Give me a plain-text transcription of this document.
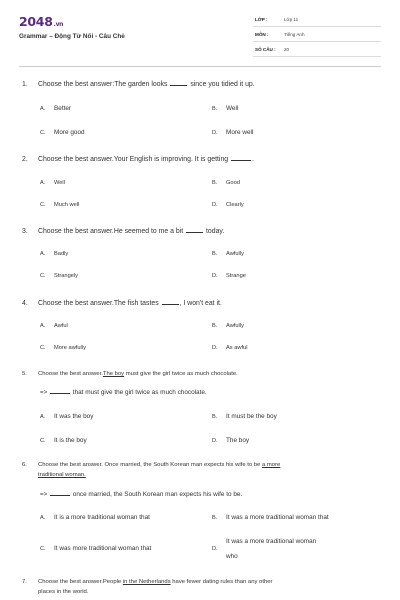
2048.vn
Grammar – Động Từ Nối - Câu Chẻ
LỚP :	Lớp 11
MÔN :	Tiếng Anh
SỐ CÂU : 20
1. Choose the best answer:The garden looks	since you tidied it up.
A. Better	B. Well
C. More good	D. More well
2. Choose the best answer.Your English is improving. It is getting	.
A. Well	B. Good
C. Much well	D. Clearly
3. Choose the best answer.He seemed to me a bit	today.
A. Badly	B. Awfully
C. Strangely	D. Strange
4. Choose the best answer.The fish tastes	, I won't eat it.
A. Awful	B. Awfully
C. More awfully	D. As awful
5. Choose the best answer.The boy must give the girl twice as much chocolate.
=>	that must give the girl twice as much chocolate.
A. It was the boy	B. It must be the boy
C. It is the boy	D. The boy
6. Choose the best answer. Once married, the South Korean man expects his wife to be a more
traditional woman.
=>	once married, the South Korean man expects his wife to be.
A. It is a more traditional woman that	B. It was a more traditional woman that
C. It was more traditional woman that	D.It was a more traditional woman
who
7. Choose the best answer.People in the Netherlands have fewer dating rules than any other
places in the world.
